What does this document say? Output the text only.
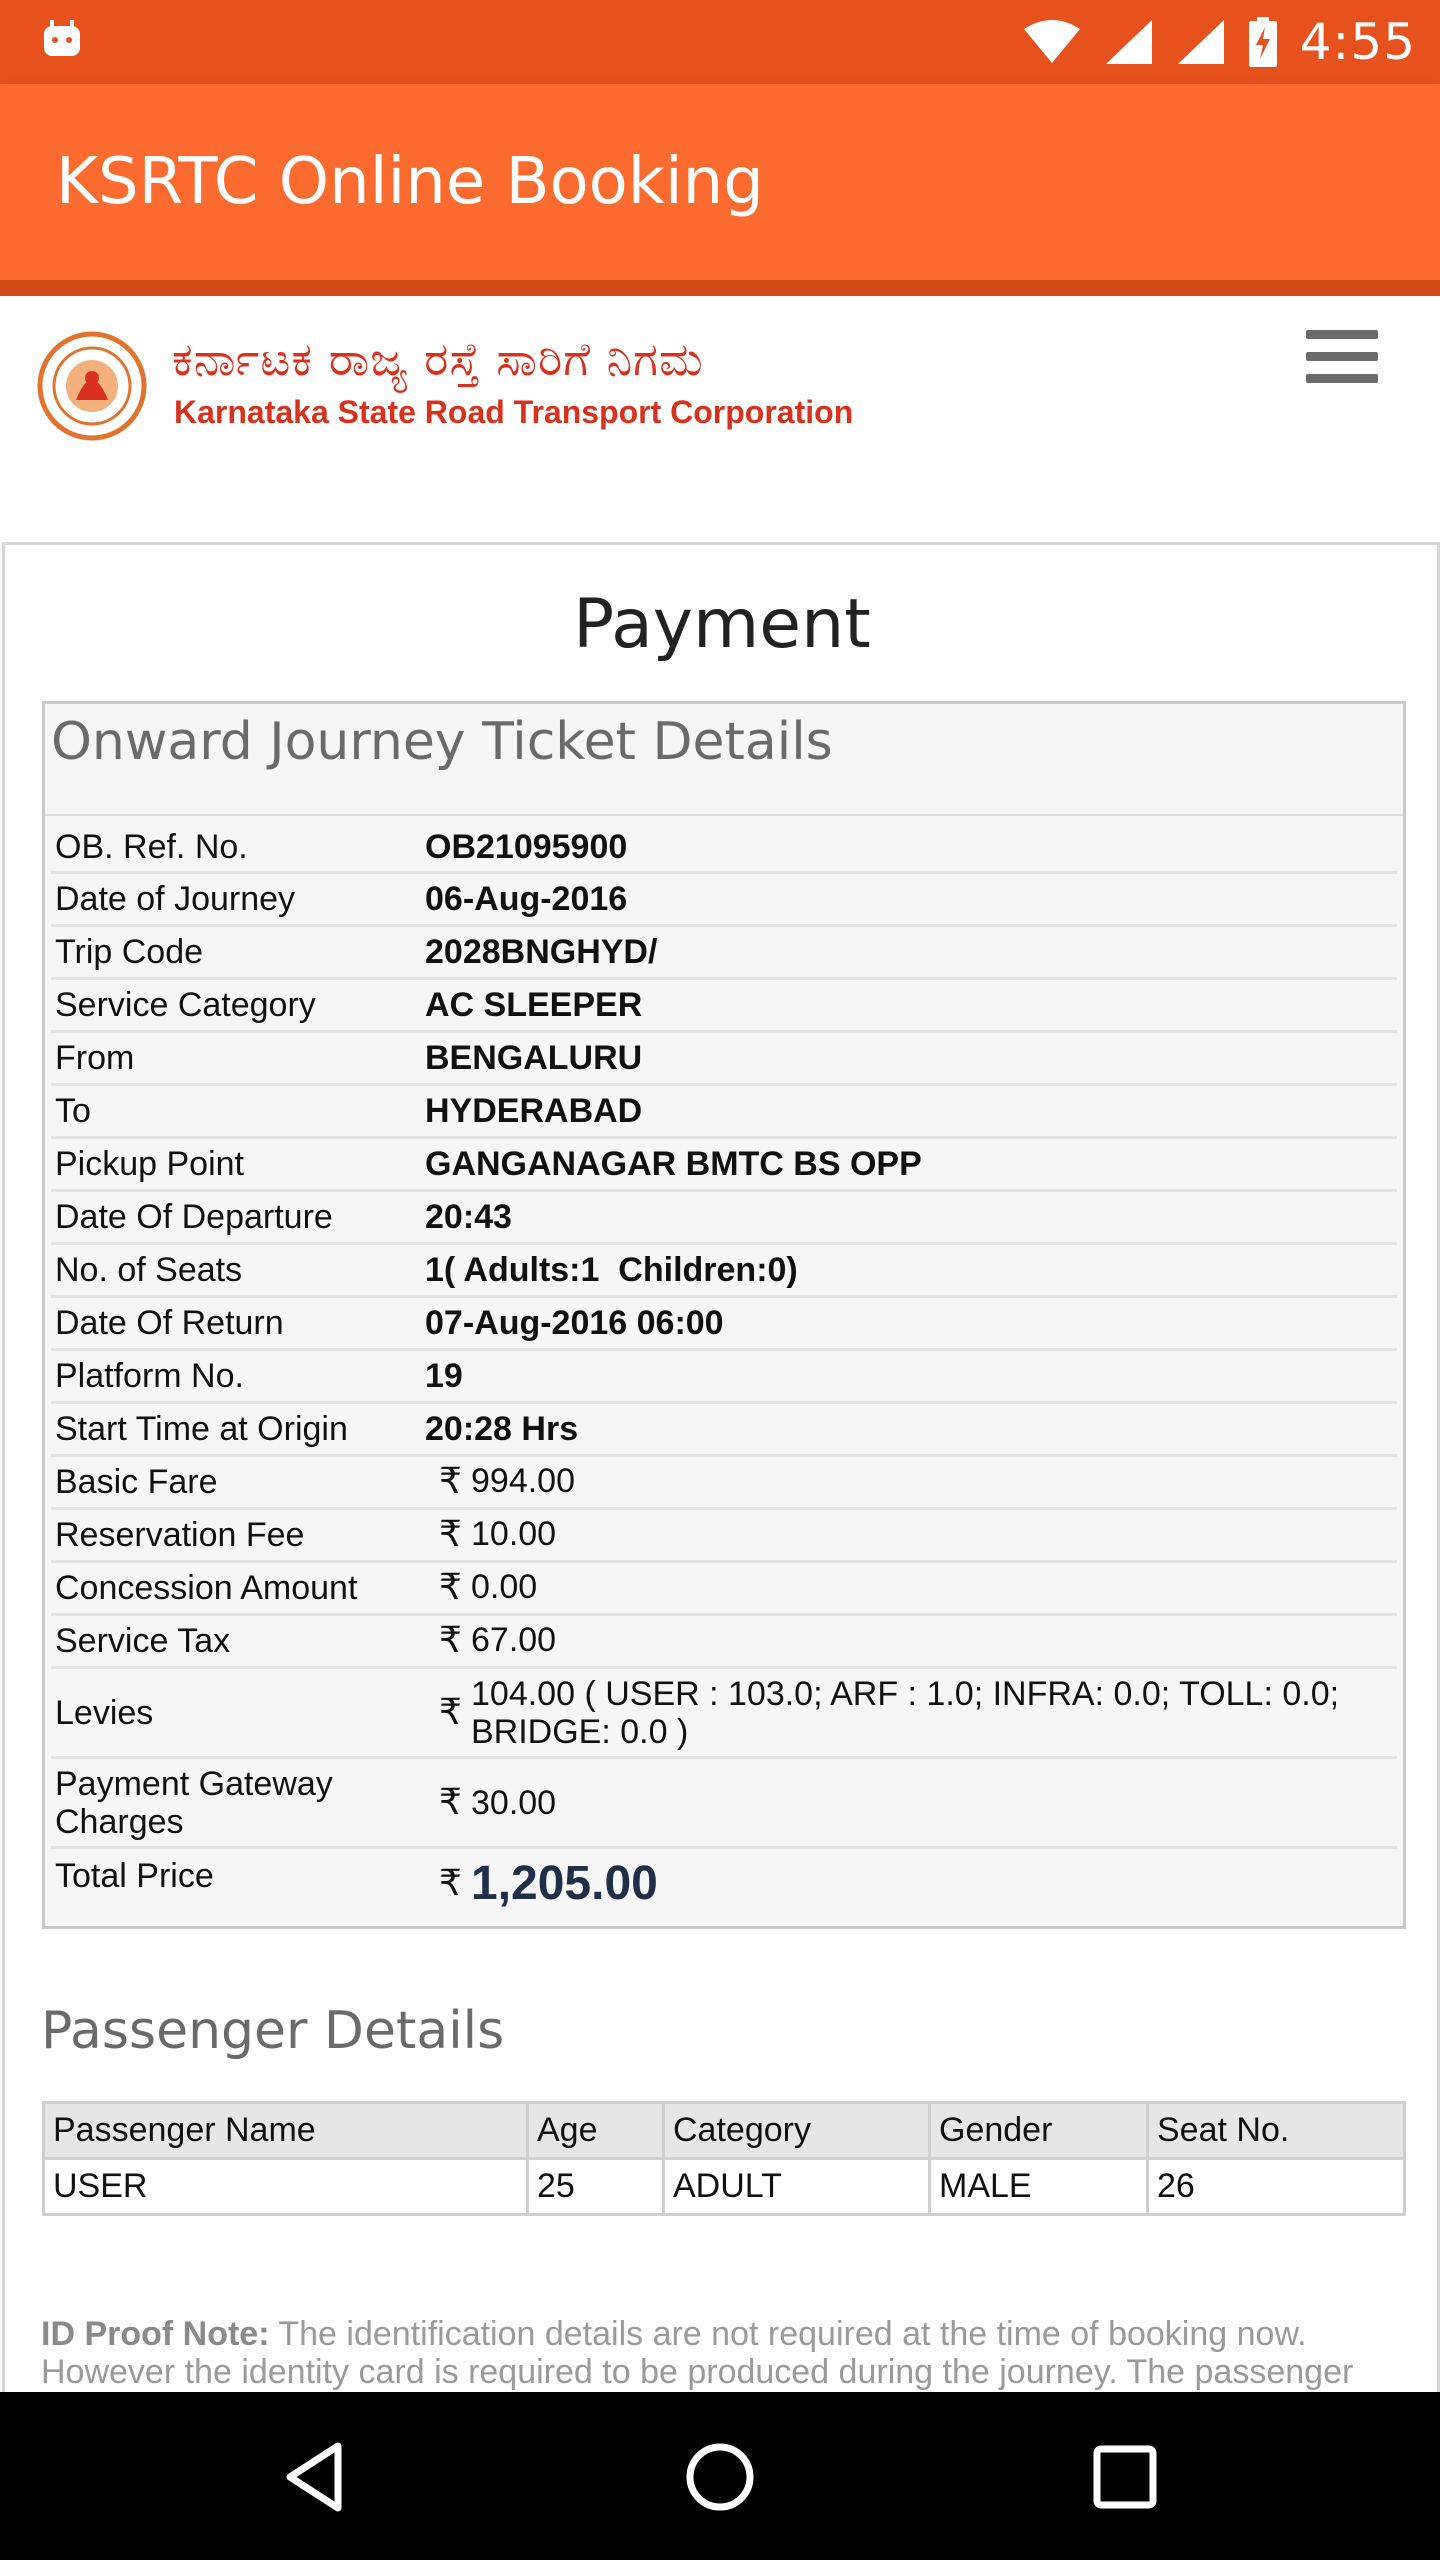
4:55
KSRTC Online Booking
ಕರ್ನಾಟಕ ರಾಜ್ಯ ರಸ್ತೆ ಸಾರಿಗೆ ನಿಗಮ
Karnataka State Road Transport Corporation
Payment
Onward Journey Ticket Details
OB. Ref. No.	OB21095900
Date of Journey	06-Aug-2016
Trip Code	2028BNGHYD/
Service Category	AC SLEEPER
From	BENGALURU
To	HYDERABAD
Pickup Point	GANGANAGAR BMTC BS OPP
Date Of Departure	20:43
No. of Seats	1( Adults:1  Children:0)
Date Of Return	07-Aug-2016 06:00
Platform No.	19
Start Time at Origin	20:28 Hrs
Basic Fare	₹ 994.00
Reservation Fee	₹ 10.00
Concession Amount	₹ 0.00
Service Tax	₹ 67.00
Levies	₹ 104.00 ( USER : 103.0; ARF : 1.0; INFRA: 0.0; TOLL: 0.0; BRIDGE: 0.0 )
Payment Gateway Charges	₹ 30.00
Total Price	₹ 1,205.00
Passenger Details
Passenger Name	Age	Category	Gender	Seat No.
USER	25	ADULT	MALE	26
ID Proof Note: The identification details are not required at the time of booking now. However the identity card is required to be produced during the journey. The passenger
